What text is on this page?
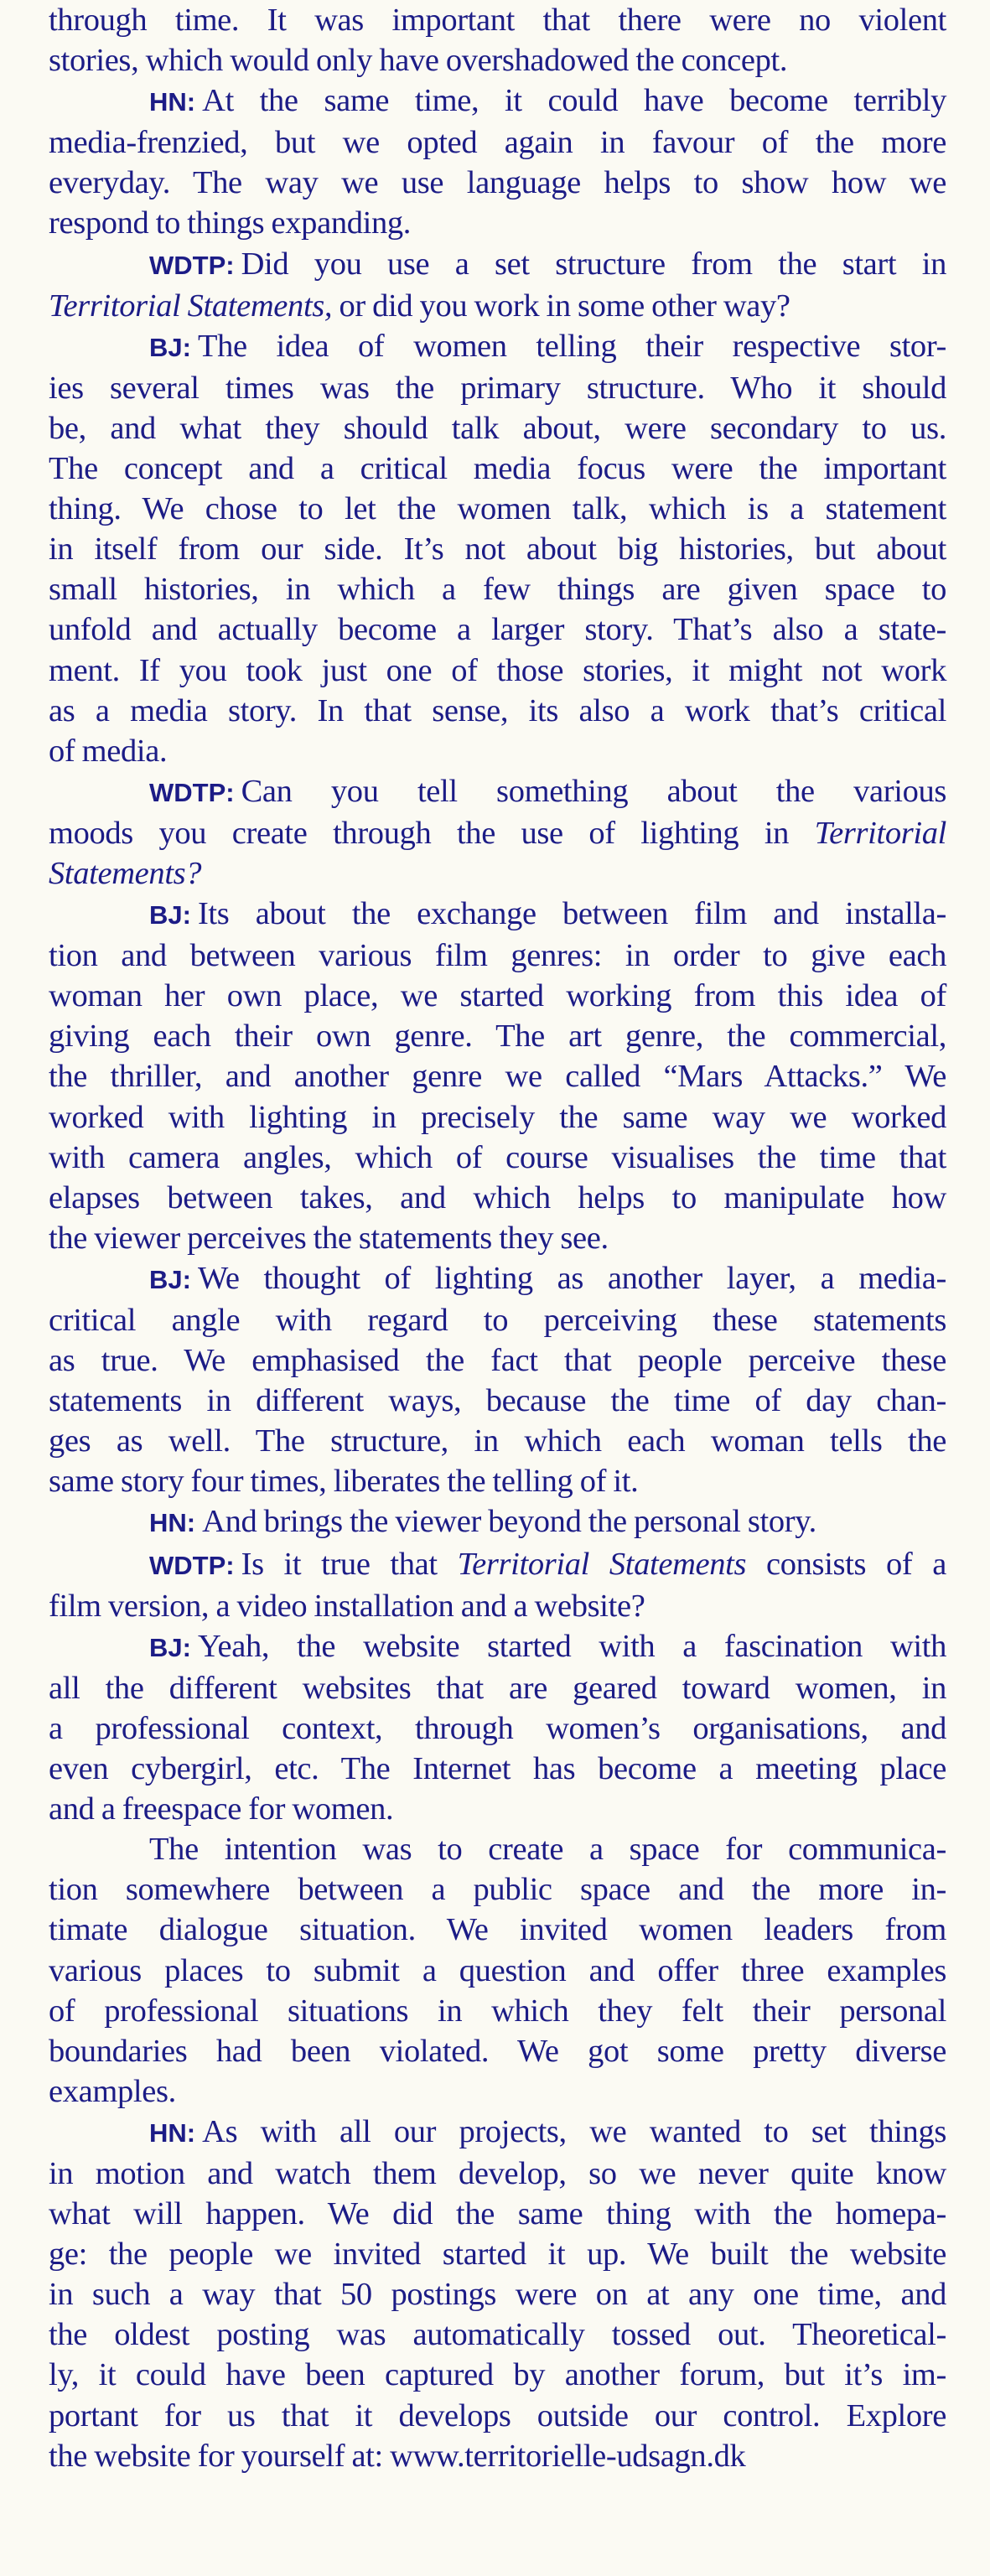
through time. It was important that there were no violent
stories, which would only have overshadowed the concept.
HN: At the same time, it could have become terribly
media-frenzied, but we opted again in favour of the more
everyday. The way we use language helps to show how we
respond to things expanding.
WDTP: Did you use a set structure from the start in
Territorial Statements, or did you work in some other way?
BJ: The idea of women telling their respective stor-
ies several times was the primary structure. Who it should
be, and what they should talk about, were secondary to us.
The concept and a critical media focus were the important
thing. We chose to let the women talk, which is a statement
in itself from our side. It’s not about big histories, but about
small histories, in which a few things are given space to
unfold and actually become a larger story. That’s also a state-
ment. If you took just one of those stories, it might not work
as a media story. In that sense, its also a work that’s critical
of media.
WDTP: Can you tell something about the various
moods you create through the use of lighting in Territorial
Statements?
BJ: Its about the exchange between film and installa-
tion and between various film genres: in order to give each
woman her own place, we started working from this idea of
giving each their own genre. The art genre, the commercial,
the thriller, and another genre we called “Mars Attacks.” We
worked with lighting in precisely the same way we worked
with camera angles, which of course visualises the time that
elapses between takes, and which helps to manipulate how
the viewer perceives the statements they see.
BJ: We thought of lighting as another layer, a media-
critical angle with regard to perceiving these statements
as true. We emphasised the fact that people perceive these
statements in different ways, because the time of day chan-
ges as well. The structure, in which each woman tells the
same story four times, liberates the telling of it.
HN: And brings the viewer beyond the personal story.
WDTP: Is it true that Territorial Statements consists of a
film version, a video installation and a website?
BJ: Yeah, the website started with a fascination with
all the different websites that are geared toward women, in
a professional context, through women’s organisations, and
even cybergirl, etc. The Internet has become a meeting place
and a freespace for women.
The intention was to create a space for communica-
tion somewhere between a public space and the more in-
timate dialogue situation. We invited women leaders from
various places to submit a question and offer three examples
of professional situations in which they felt their personal
boundaries had been violated. We got some pretty diverse
examples.
HN: As with all our projects, we wanted to set things
in motion and watch them develop, so we never quite know
what will happen. We did the same thing with the homepa-
ge: the people we invited started it up. We built the website
in such a way that 50 postings were on at any one time, and
the oldest posting was automatically tossed out. Theoretical-
ly, it could have been captured by another forum, but it’s im-
portant for us that it develops outside our control. Explore
the website for yourself at: www.territorielle-udsagn.dk
